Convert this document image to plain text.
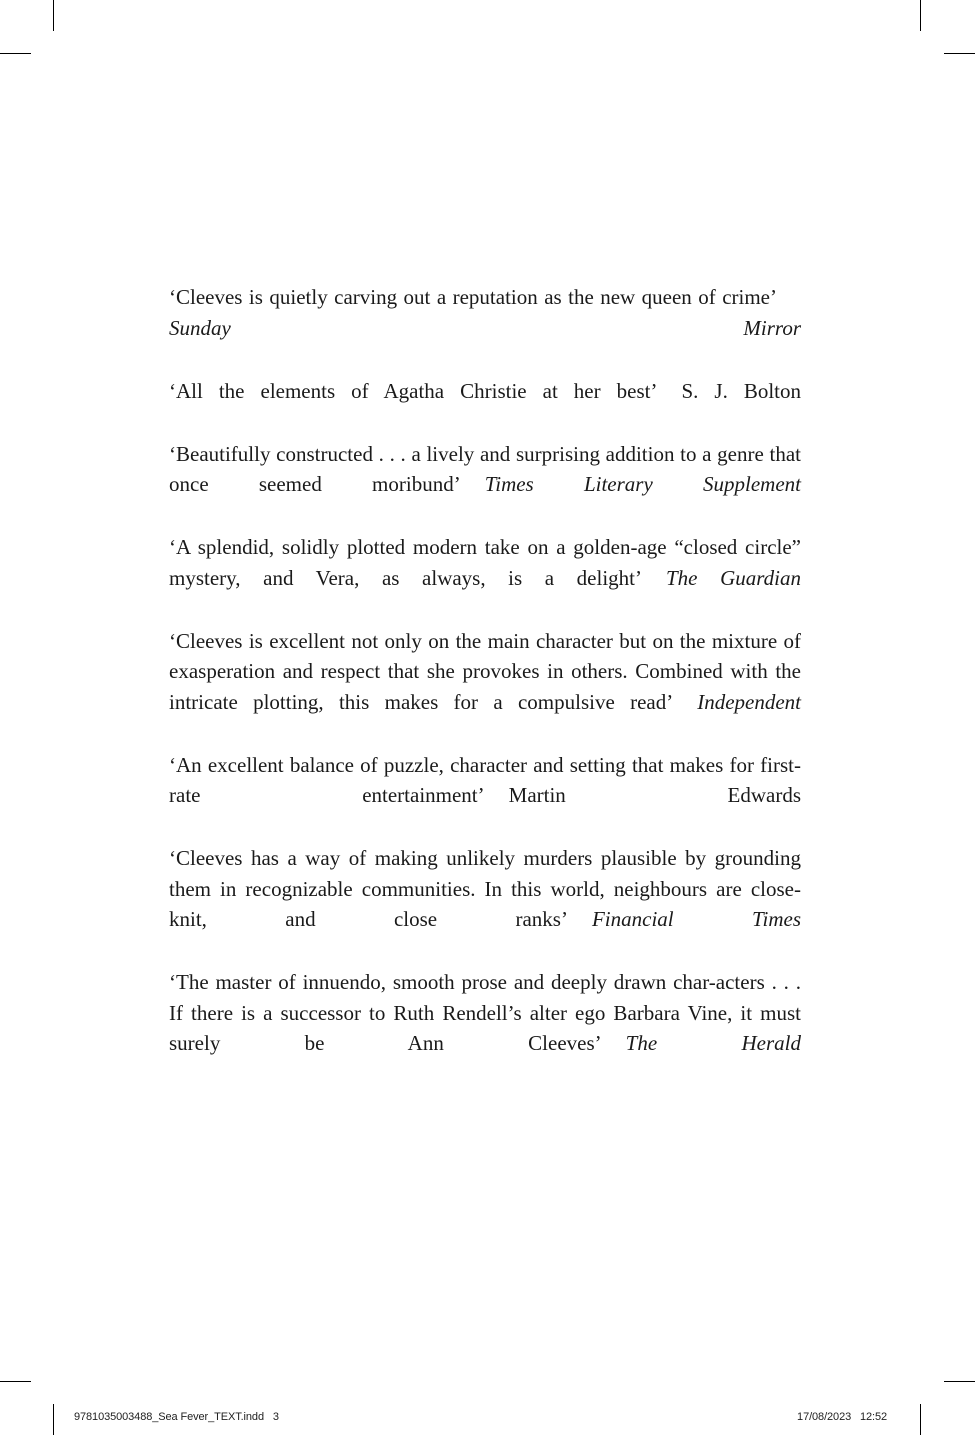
‘Cleeves is quietly carving out a reputation as the new queen of crime’Sunday Mirror

‘All the elements of Agatha Christie at her best’ S. J. Bolton

‘Beautifully constructed . . . a lively and surprising addition to a genre that once seemed moribund’ Times Literary Supplement

‘A splendid, solidly plotted modern take on a golden-age “closed circle” mystery, and Vera, as always, is a delight’ The Guardian

‘Cleeves is excellent not only on the main character but on the mixture of exasperation and respect that she provokes in others. Combined with the intricate plotting, this makes for a compulsive read’ Independent

‘An excellent balance of puzzle, character and setting that makes for first-rate entertainment’ Martin Edwards

‘Cleeves has a way of making unlikely murders plausible by grounding them in recognizable communities. In this world, neighbours are close-knit, and close ranks’ Financial Times

‘The master of innuendo, smooth prose and deeply drawn char-acters . . . If there is a successor to Ruth Rendell’s alter ego Barbara Vine, it must surely be Ann Cleeves’ The Herald

9781035003488_Sea Fever_TEXT.indd   3	17/08/2023   12:52
